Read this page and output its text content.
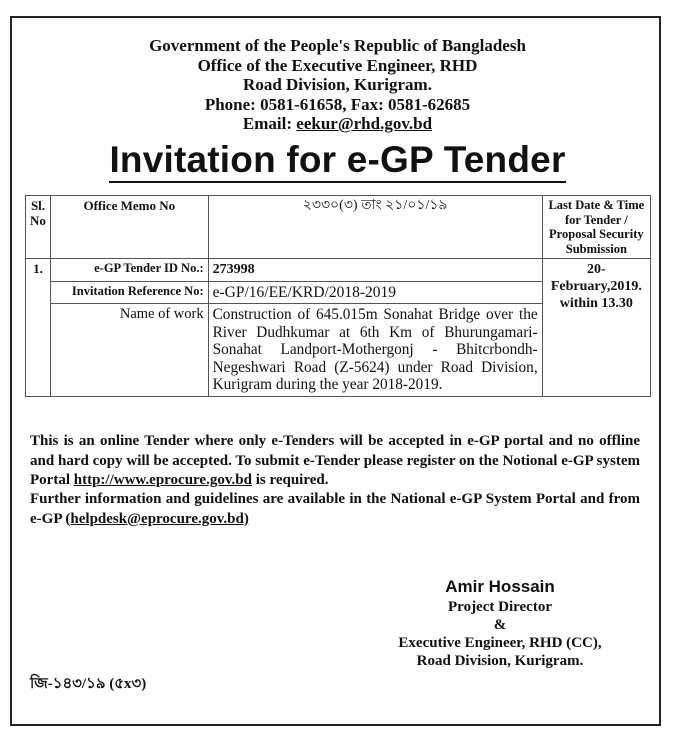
Government of the People's Republic of Bangladesh
Office of the Executive Engineer, RHD
Road Division, Kurigram.
Phone: 0581-61658, Fax: 0581-62685
Email: eekur@rhd.gov.bd
Invitation for e-GP Tender
Sl. No	Office Memo No	২৩৩০(৩) তাং ২১/০১/১৯	Last Date & Time for Tender / Proposal Security Submission
1.	e-GP Tender ID No.:	273998	20-February,2019.
within 13.30

	Invitation Reference No:	e-GP/16/EE/KRD/2018-2019	
	Name of work	Construction of 645.015m Sonahat Bridge over the River Dudhkumar at 6th Km of Bhurungamari-Sonahat Landport-Mothergonj - Bhitcrbondh-Negeshwari Road (Z-5624) under Road Division, Kurigram during the year 2018-2019.	
This is an online Tender where only e-Tenders will be accepted in e-GP portal and no offline and hard copy will be accepted. To submit e-Tender please register on the Notional e-GP system Portal http://www.eprocure.gov.bd is required.
Further information and guidelines are available in the National e-GP System Portal and from e-GP (helpdesk@eprocure.gov.bd)
Amir Hossain
Project Director
&
Executive Engineer, RHD (CC),
Road Division, Kurigram.
জি-১৪৩/১৯ (৫x৩)
